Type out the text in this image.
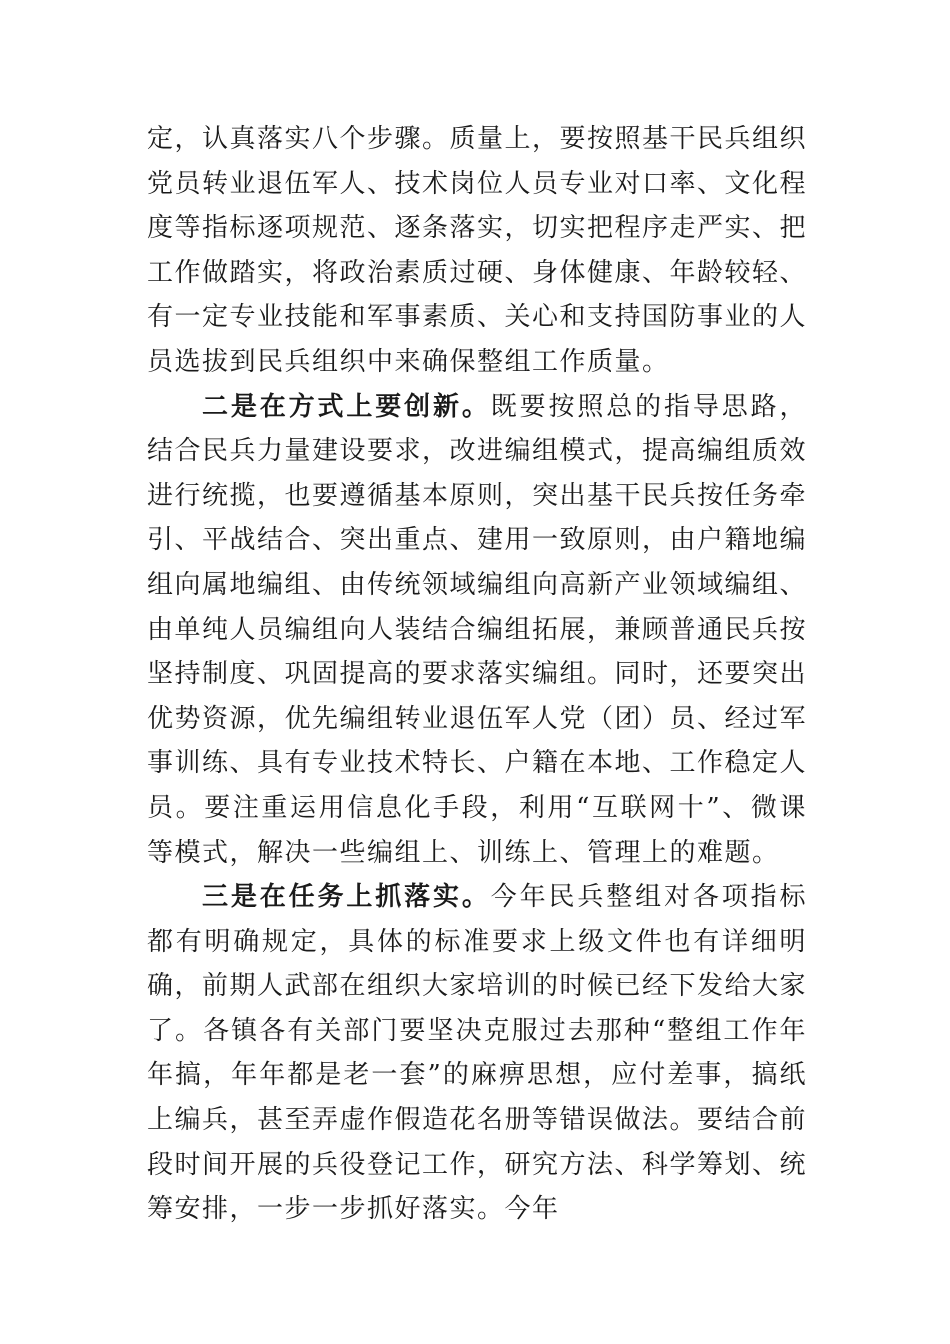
定，认真落实八个步骤。质量上，要按照基干民兵组织党员转业退伍军人、技术岗位人员专业对口率、文化程度等指标逐项规范、逐条落实，切实把程序走严实、把工作做踏实，将政治素质过硬、身体健康、年龄较轻、有一定专业技能和军事素质、关心和支持国防事业的人员选拔到民兵组织中来确保整组工作质量。

二是在方式上要创新。既要按照总的指导思路，结合民兵力量建设要求，改进编组模式，提高编组质效进行统揽，也要遵循基本原则，突出基干民兵按任务牵引、平战结合、突出重点、建用一致原则，由户籍地编组向属地编组、由传统领域编组向高新产业领域编组、由单纯人员编组向人装结合编组拓展，兼顾普通民兵按坚持制度、巩固提高的要求落实编组。同时，还要突出优势资源，优先编组转业退伍军人党（团）员、经过军事训练、具有专业技术特长、户籍在本地、工作稳定人员。要注重运用信息化手段，利用“互联网十”、微课等模式，解决一些编组上、训练上、管理上的难题。

三是在任务上抓落实。今年民兵整组对各项指标都有明确规定，具体的标准要求上级文件也有详细明确，前期人武部在组织大家培训的时候已经下发给大家了。各镇各有关部门要坚决克服过去那种“整组工作年年搞，年年都是老一套”的麻痹思想，应付差事，搞纸上编兵，甚至弄虚作假造花名册等错误做法。要结合前段时间开展的兵役登记工作，研究方法、科学筹划、统筹安排，一步一步抓好落实。今年
